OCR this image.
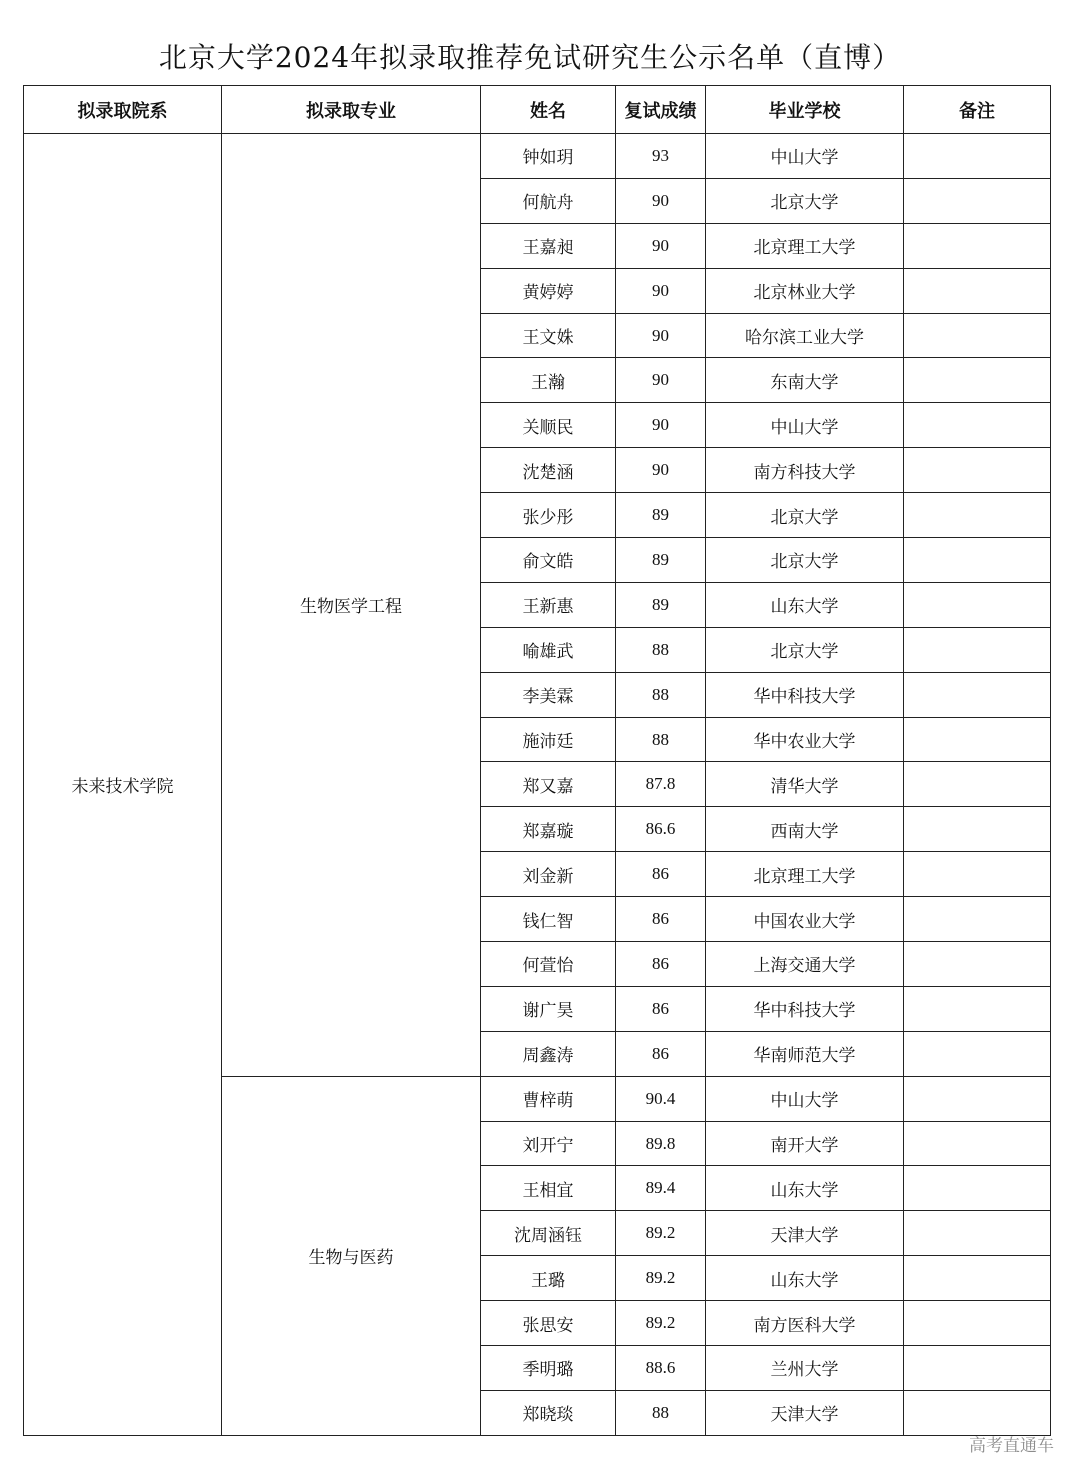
北京大学2024年拟录取推荐免试研究生公示名单（直博）
拟录取院系	拟录取专业	姓名	复试成绩	毕业学校	备注
未来技术学院	生物医学工程	钟如玥	93	中山大学	
		何航舟	90	北京大学	
		王嘉昶	90	北京理工大学	
		黄婷婷	90	北京林业大学	
		王文姝	90	哈尔滨工业大学	
		王瀚	90	东南大学	
		关顺民	90	中山大学	
		沈楚涵	90	南方科技大学	
		张少彤	89	北京大学	
		俞文皓	89	北京大学	
		王新惠	89	山东大学	
		喻雄武	88	北京大学	
		李美霖	88	华中科技大学	
		施沛廷	88	华中农业大学	
		郑又嘉	87.8	清华大学	
		郑嘉璇	86.6	西南大学	
		刘金新	86	北京理工大学	
		钱仁智	86	中国农业大学	
		何萱怡	86	上海交通大学	
		谢广昊	86	华中科技大学	
		周鑫涛	86	华南师范大学	
	生物与医药	曹梓萌	90.4	中山大学	
		刘开宁	89.8	南开大学	
		王相宜	89.4	山东大学	
		沈周涵钰	89.2	天津大学	
		王璐	89.2	山东大学	
		张思安	89.2	南方医科大学	
		季明璐	88.6	兰州大学	
		郑晓琰	88	天津大学	
高考直通车
